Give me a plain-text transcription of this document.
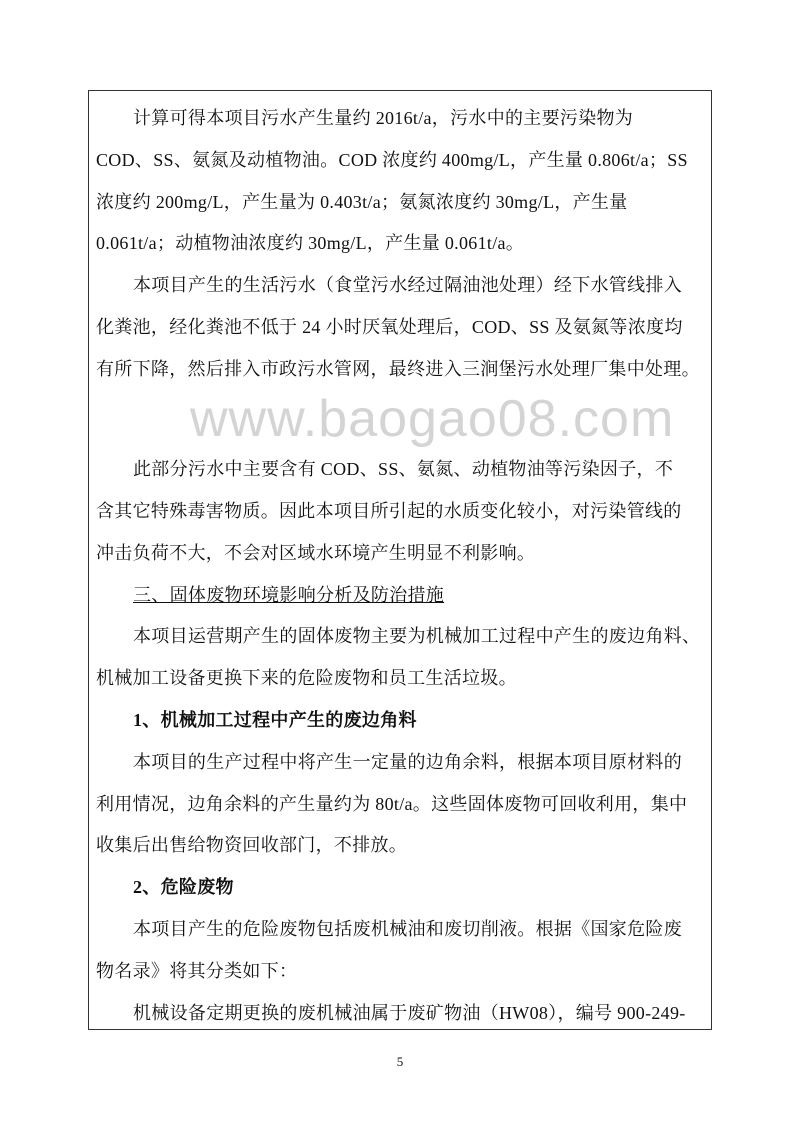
www.baogao08.com
计算可得本项目污水产生量约 2016t/a，污水中的主要污染物为
COD、SS、氨氮及动植物油。COD 浓度约 400mg/L，产生量 0.806t/a；SS
浓度约 200mg/L，产生量为 0.403t/a；氨氮浓度约 30mg/L，产生量
0.061t/a；动植物油浓度约 30mg/L，产生量 0.061t/a。
本项目产生的生活污水（食堂污水经过隔油池处理）经下水管线排入
化粪池，经化粪池不低于 24 小时厌氧处理后，COD、SS 及氨氮等浓度均
有所下降，然后排入市政污水管网，最终进入三涧堡污水处理厂集中处理。
此部分污水中主要含有 COD、SS、氨氮、动植物油等污染因子，不
含其它特殊毒害物质。因此本项目所引起的水质变化较小，对污染管线的
冲击负荷不大，不会对区域水环境产生明显不利影响。
三、固体废物环境影响分析及防治措施
本项目运营期产生的固体废物主要为机械加工过程中产生的废边角料、
机械加工设备更换下来的危险废物和员工生活垃圾。
1、机械加工过程中产生的废边角料
本项目的生产过程中将产生一定量的边角余料，根据本项目原材料的
利用情况，边角余料的产生量约为 80t/a。这些固体废物可回收利用，集中
收集后出售给物资回收部门，不排放。
2、危险废物
本项目产生的危险废物包括废机械油和废切削液。根据《国家危险废
物名录》将其分类如下：
机械设备定期更换的废机械油属于废矿物油（HW08），编号 900-249-
5
